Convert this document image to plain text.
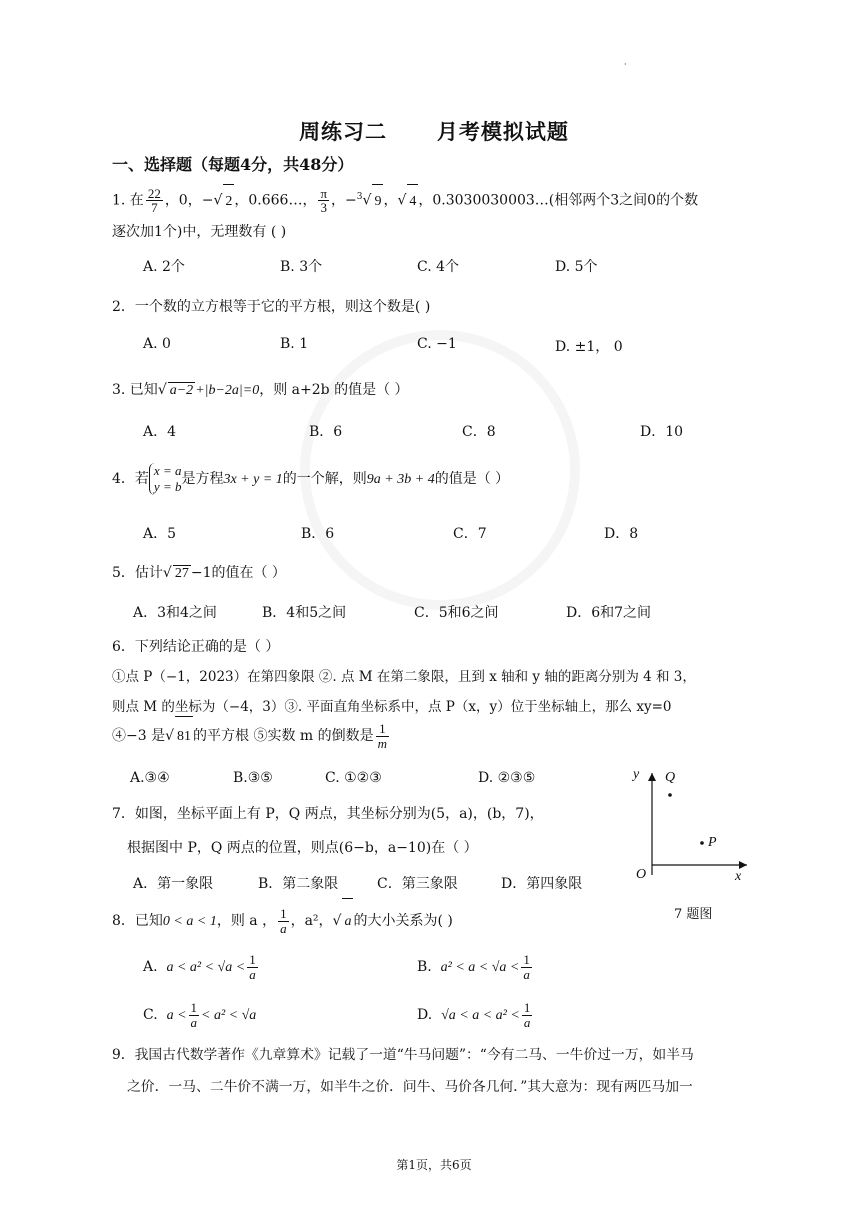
·
周练习二      月考模拟试题
一、选择题（每题4分，共48分）
1. 在 $\frac{22}{7}$ ，0，−√ 2 ，0.666…， $\frac{\pi}{3}$ ，−$^3$√ 9 ，√ 4 ，0.3030030003…(相邻两个3之间0的个数
逐次加1个)中，无理数有 ( )
A. 2个	B. 3个	C. 4个	D. 5个
2．一个数的立方根等于它的平方根，则这个数是( )
A. 0	B. 1	C. −1	D. ±1， 0
3. 已知√ a−2 +|b−2a|=0，则 a+2b 的值是（ ）
A．4	B．6	C．8	D．10
4．若
x = a
y = b 是方程3x + y = 1的一个解，则9a + 3b + 4的值是（ ）
A．5	B．6	C．7	D．8
5．估计√ 27 −1的值在（ ）
A．3和4之间	B．4和5之间	C．5和6之间	D．6和7之间
6．下列结论正确的是（ ）
①点 P（−1，2023）在第四象限 ②. 点 M 在第二象限，且到 x 轴和 y 轴的距离分别为 4 和 3，
则点 M 的坐标为（−4，3）③. 平面直角坐标系中，点 P（x，y）位于坐标轴上，那么 xy=0
④−3 是√ 81 的平方根 ⑤实数 m 的倒数是 $\frac{1}{m}$
A.③④	B.③⑤	C. ①②③	D. ②③⑤
7．如图，坐标平面上有 P，Q 两点，其坐标分别为(5，a)，(b，7)，
根据图中 P，Q 两点的位置，则点(6−b，a−10)在（ ）
A．第一象限	B．第二象限	C．第三象限	D．第四象限
y
x
O
Q
P
7 题图
8．已知0 < a < 1，则 a ， $\frac{1}{a}$ ，a²，√ a 的大小关系为( )
A. $a < a^2 < √a < \frac{1}{a}$	B. $a^2 < a < √a < \frac{1}{a}$
C. $a < \frac{1}{a} < a^2 < √a$	D. $√a < a < a^2 < \frac{1}{a}$
9．我国古代数学著作《九章算术》记载了一道“牛马问题”：“今有二马、一牛价过一万，如半马
之价．一马、二牛价不满一万，如半牛之价．问牛、马价各几何．”其大意为：现有两匹马加一
第1页，共6页
